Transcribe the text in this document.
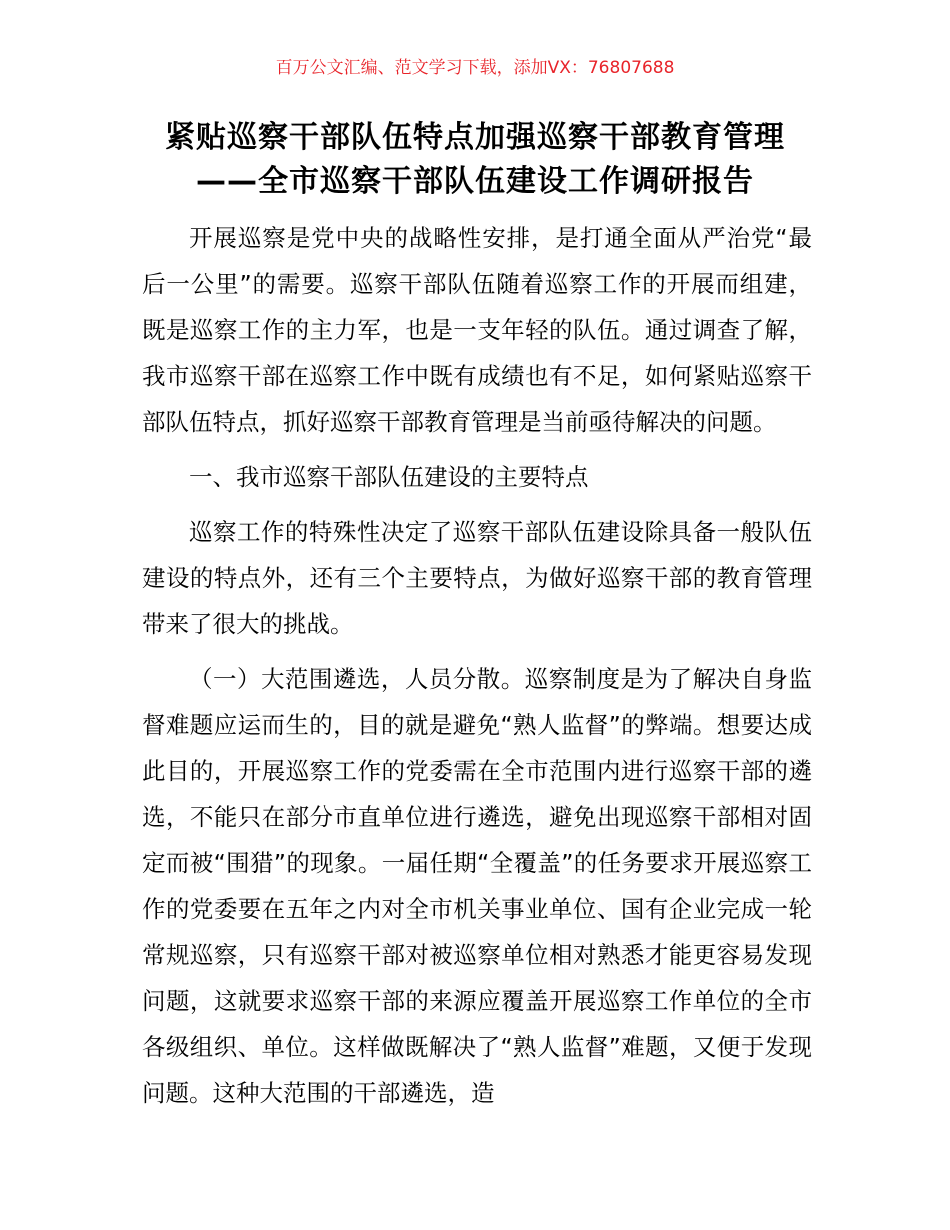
百万公文汇编、范文学习下载，添加VX：76807688
紧贴巡察干部队伍特点加强巡察干部教育管理
——全市巡察干部队伍建设工作调研报告

开展巡察是党中央的战略性安排，是打通全面从严治党“最后一公里”的需要。巡察干部队伍随着巡察工作的开展而组建，既是巡察工作的主力军，也是一支年轻的队伍。通过调查了解，我市巡察干部在巡察工作中既有成绩也有不足，如何紧贴巡察干部队伍特点，抓好巡察干部教育管理是当前亟待解决的问题。

一、我市巡察干部队伍建设的主要特点

巡察工作的特殊性决定了巡察干部队伍建设除具备一般队伍建设的特点外，还有三个主要特点，为做好巡察干部的教育管理带来了很大的挑战。

（一）大范围遴选，人员分散。巡察制度是为了解决自身监督难题应运而生的，目的就是避免“熟人监督”的弊端。想要达成此目的，开展巡察工作的党委需在全市范围内进行巡察干部的遴选，不能只在部分市直单位进行遴选，避免出现巡察干部相对固定而被“围猎”的现象。一届任期“全覆盖”的任务要求开展巡察工作的党委要在五年之内对全市机关事业单位、国有企业完成一轮常规巡察，只有巡察干部对被巡察单位相对熟悉才能更容易发现问题，这就要求巡察干部的来源应覆盖开展巡察工作单位的全市各级组织、单位。这样做既解决了“熟人监督”难题，又便于发现问题。这种大范围的干部遴选，造
